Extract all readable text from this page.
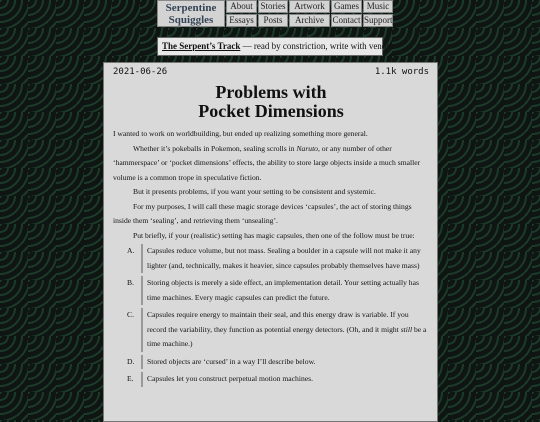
Serpentine
Squiggles
About Stories Artwork	Games Music
Essays	Posts	Archive Contact Support
The Serpent’s Track — read by constriction, write with venom.
2021-06-26	1.1k words
Problems with
Pocket Dimensions

I wanted to work on worldbuilding, but ended up realizing something more general.

Whether it’s pokeballs in Pokemon, sealing scrolls in Naruto, or any number of other ‘hammerspace’ or ‘pocket dimensions’ effects, the ability to store large objects inside a much smaller volume is a common trope in speculative fiction.

But it presents problems, if you want your setting to be consistent and systemic.

For my purposes, I will call these magic storage devices ‘capsules’, the act of storing things inside them ‘sealing’, and retrieving them ‘unsealing’.

Put briefly, if your (realistic) setting has magic capsules, then one of the follow must be true:

A.	Capsules reduce volume, but not mass. Sealing a boulder in a capsule will not make it any lighter (and, technically, makes it heavier, since capsules probably themselves have mass)
B.	Storing objects is merely a side effect, an implementation detail. Your setting actually has time machines. Every magic capsules can predict the future.
C.	Capsules require energy to maintain their seal, and this energy draw is variable. If you record the variability, they function as potential energy detectors. (Oh, and it might still be a time machine.)
D.	Stored objects are ‘cursed’ in a way I’ll describe below.
E.	Capsules let you construct perpetual motion machines.
